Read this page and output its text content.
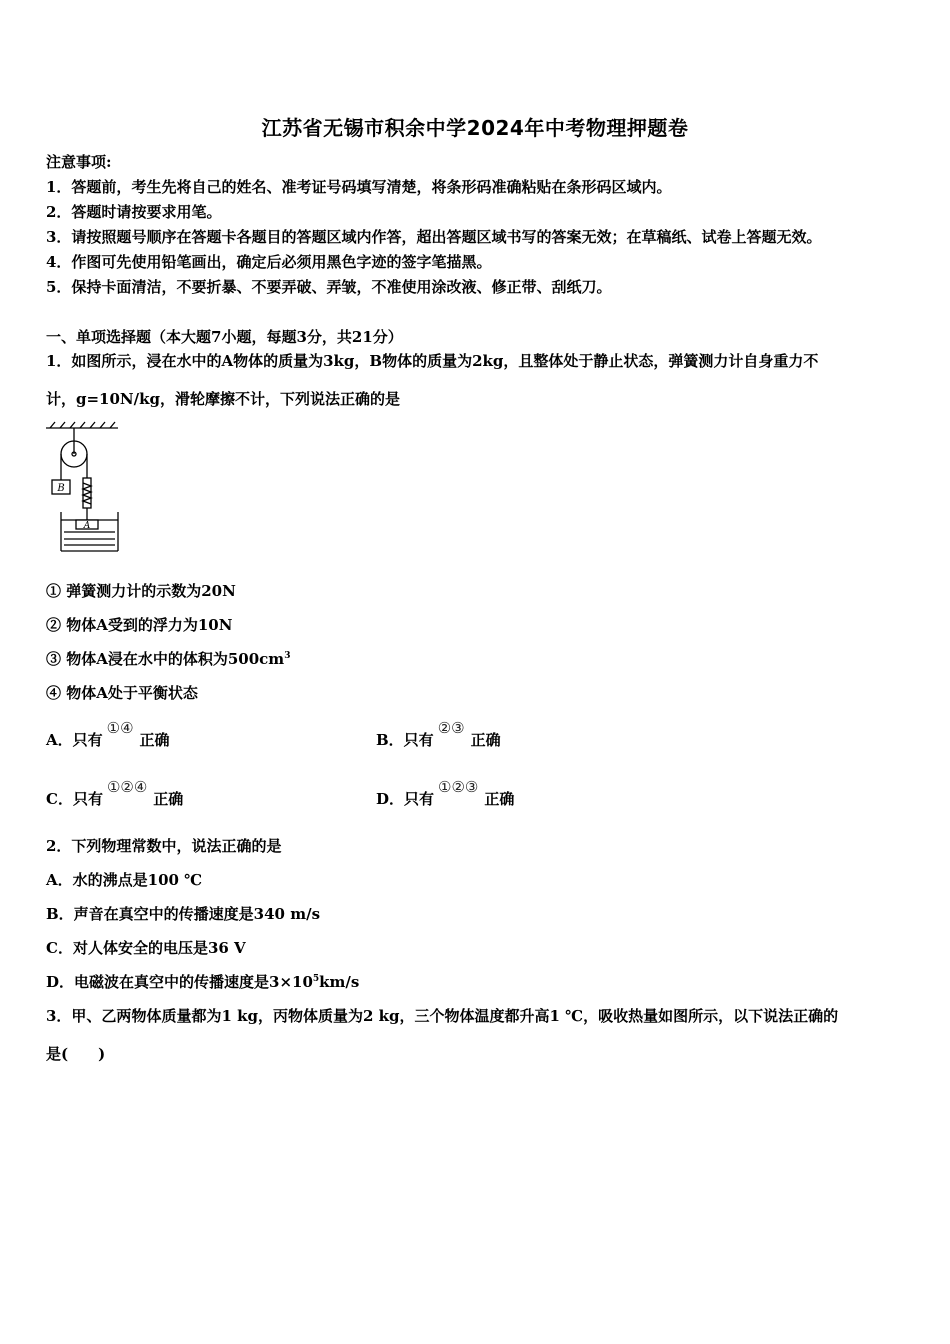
江苏省无锡市积余中学2024年中考物理押题卷
注意事项:
1．答题前，考生先将自己的姓名、准考证号码填写清楚，将条形码准确粘贴在条形码区域内。
2．答题时请按要求用笔。
3．请按照题号顺序在答题卡各题目的答题区域内作答，超出答题区域书写的答案无效；在草稿纸、试卷上答题无效。
4．作图可先使用铅笔画出，确定后必须用黑色字迹的签字笔描黑。
5．保持卡面清洁，不要折暴、不要弄破、弄皱，不准使用涂改液、修正带、刮纸刀。
一、单项选择题（本大题7小题，每题3分，共21分）
1．如图所示，浸在水中的A物体的质量为3kg，B物体的质量为2kg，且整体处于静止状态，弹簧测力计自身重力不
计，g=10N/kg，滑轮摩擦不计，下列说法正确的是
B
A
① 弹簧测力计的示数为20N
② 物体A受到的浮力为10N
③ 物体A浸在水中的体积为$500cm^3$
④ 物体A处于平衡状态
A．只有①④正确	B．只有②③正确
C．只有①②④正确	D．只有①②③正确
2．下列物理常数中，说法正确的是
A．水的沸点是100 ℃
B．声音在真空中的传播速度是340 m/s
C．对人体安全的电压是36 V
D．电磁波在真空中的传播速度是$3\times 10^5km/s$
3．甲、乙两物体质量都为1 kg，丙物体质量为2 kg，三个物体温度都升高1 ℃，吸收热量如图所示，以下说法正确的
是(　　)
